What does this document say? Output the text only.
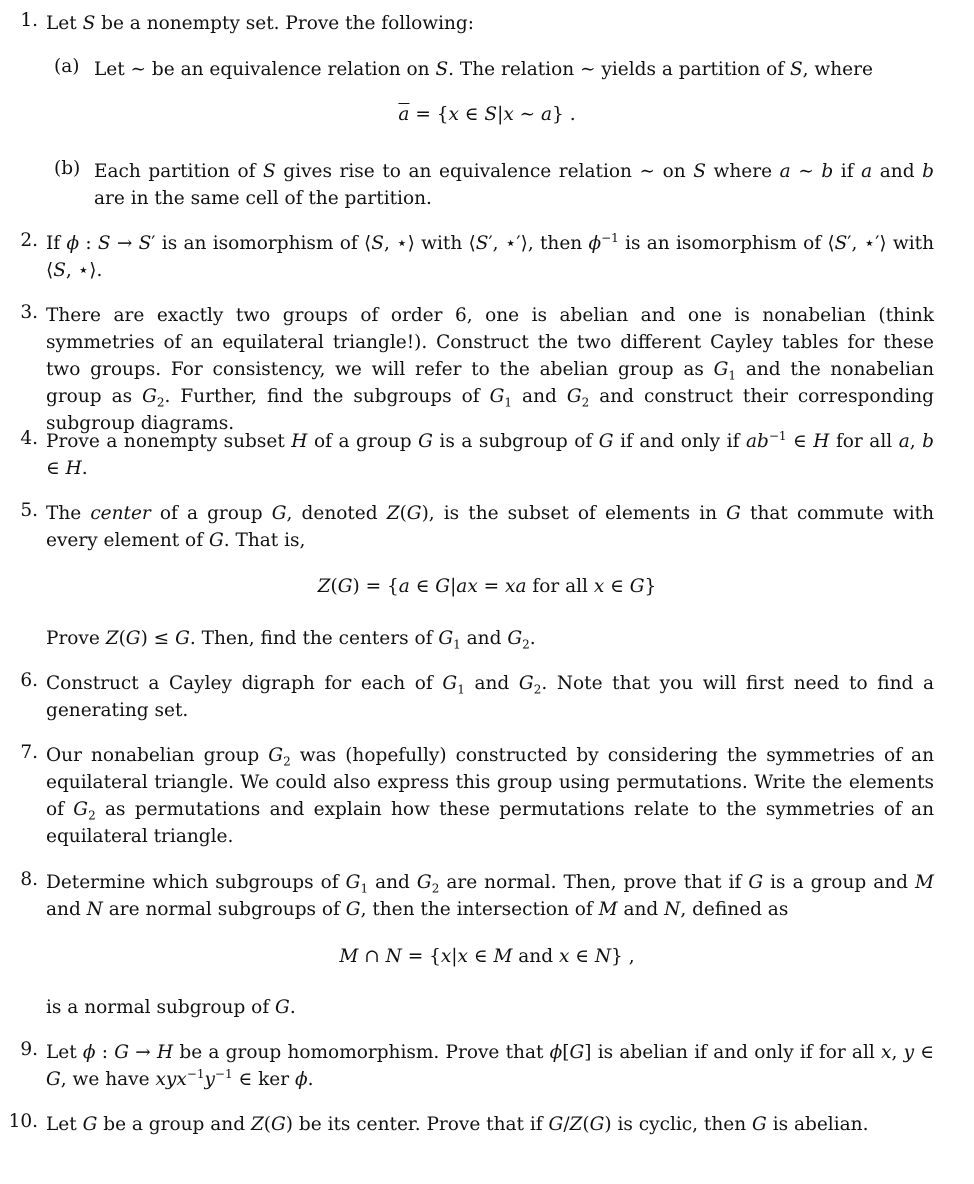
1. Let S be a nonempty set. Prove the following:
(a) Let ∼ be an equivalence relation on S. The relation ∼ yields a partition of S, where
$\overline{a} = \{x$ ∈ S|x ∼ a} .
(b) Each partition of S gives rise to an equivalence relation ∼ on S where a ∼ b if a and b are in the same cell of the partition.
2. If ϕ : S → S′ is an isomorphism of ⟨S, ⋆⟩ with ⟨S′, ⋆′⟩, then $\phi^{-1}$ is an isomorphism of ⟨S′, ⋆′⟩ with ⟨S, ⋆⟩.
3. There are exactly two groups of order 6, one is abelian and one is nonabelian (think symmetries of an equilateral triangle!). Construct the two different Cayley tables for these two groups. For consistency, we will refer to the abelian group as $G_1$ and the nonabelian group as $G_2$. Further, find the subgroups of $G_1$ and $G_2$ and construct their corresponding subgroup diagrams.
4. Prove a nonempty subset H of a group G is a subgroup of G if and only if $ab^{-1}$ ∈ H for all a, b ∈ H.
5. The center of a group G, denoted Z(G), is the subset of elements in G that commute with every element of G. That is,
Z(G) = {a ∈ G|ax = xa for all x ∈ G}
Prove Z(G) ≤ G. Then, find the centers of $G_1$ and $G_2$.
6. Construct a Cayley digraph for each of $G_1$ and $G_2$. Note that you will first need to find a generating set.
7. Our nonabelian group $G_2$ was (hopefully) constructed by considering the symmetries of an equilateral triangle. We could also express this group using permutations. Write the elements of $G_2$ as permutations and explain how these permutations relate to the symmetries of an equilateral triangle.
8. Determine which subgroups of $G_1$ and $G_2$ are normal. Then, prove that if G is a group and M and N are normal subgroups of G, then the intersection of M and N, defined as
M ∩ N = {x|x ∈ M and x ∈ N} ,
is a normal subgroup of G.
9. Let ϕ : G → H be a group homomorphism. Prove that ϕ[G] is abelian if and only if for all x, y ∈ G, we have $xyx^{-1}y^{-1}$ ∈ ker ϕ.
10. Let G be a group and Z(G) be its center. Prove that if G/Z(G) is cyclic, then G is abelian.
